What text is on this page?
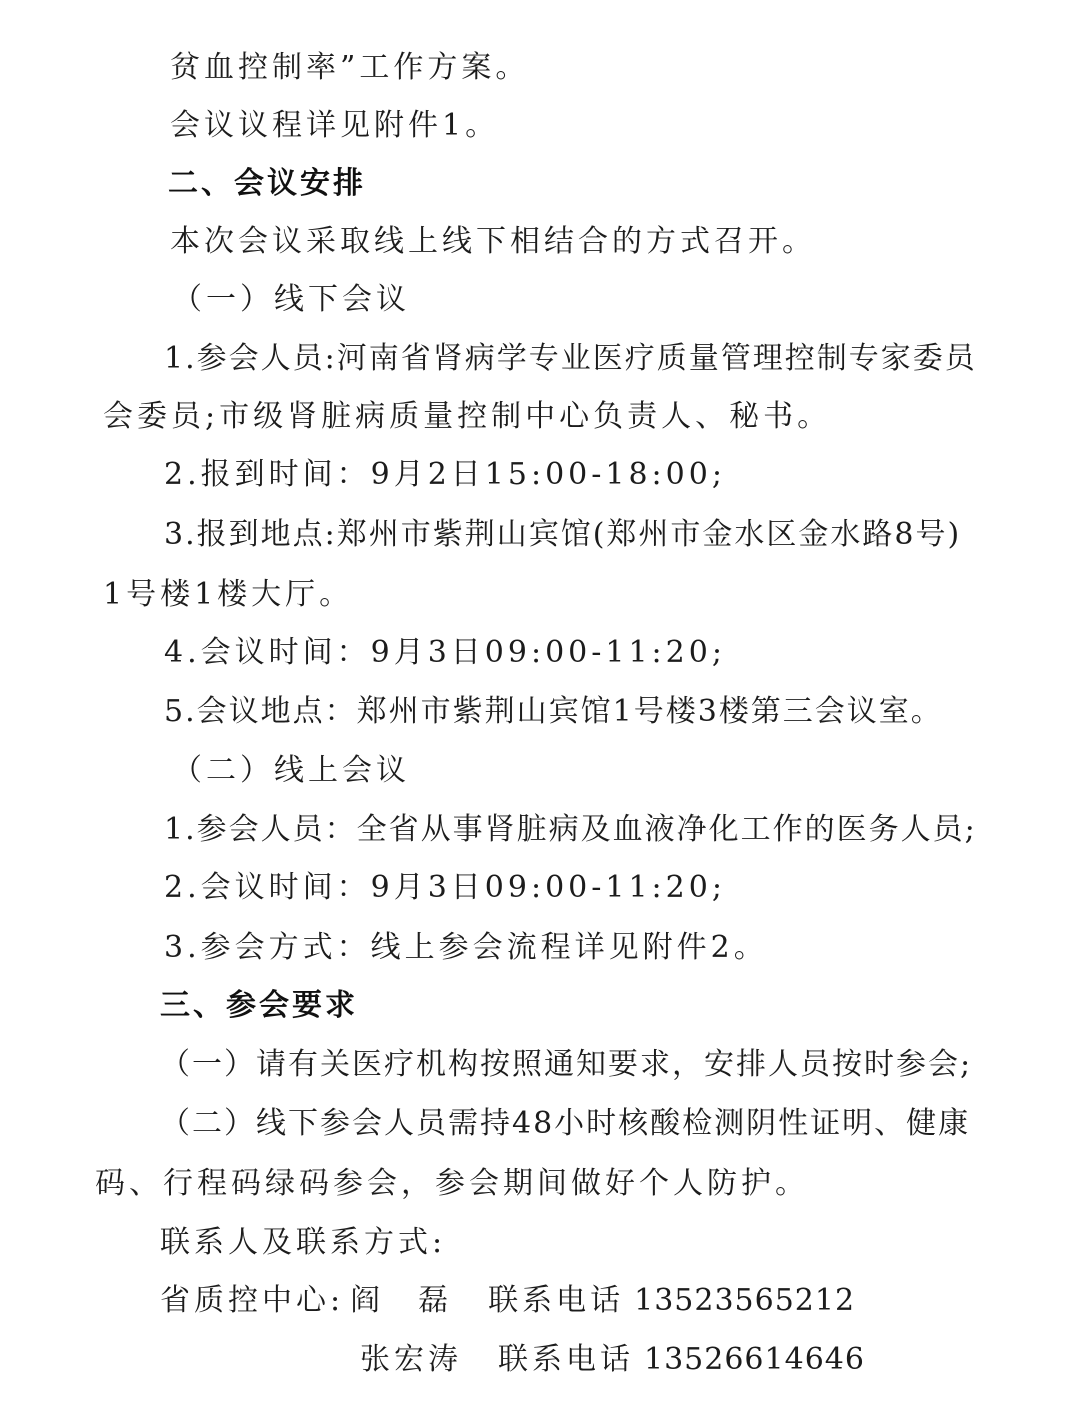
贫血控制率”工作方案。
会议议程详见附件1。
二、会议安排
本次会议采取线上线下相结合的方式召开。
（一）线下会议
1.参会人员:河南省肾病学专业医疗质量管理控制专家委员
会委员;市级肾脏病质量控制中心负责人、秘书。
2.报到时间：9月2日15:00-18:00;
3.报到地点:郑州市紫荆山宾馆(郑州市金水区金水路8号)
1号楼1楼大厅。
4.会议时间：9月3日09:00-11:20;
5.会议地点：郑州市紫荆山宾馆1号楼3楼第三会议室。
（二）线上会议
1.参会人员：全省从事肾脏病及血液净化工作的医务人员;
2.会议时间：9月3日09:00-11:20;
3.参会方式：线上参会流程详见附件2。
三、参会要求
（一）请有关医疗机构按照通知要求，安排人员按时参会;
（二）线下参会人员需持48小时核酸检测阴性证明、健康
码、行程码绿码参会，参会期间做好个人防护。
联系人及联系方式:
省质控中心: 阎　磊 联系电话 13523565212
张宏涛 联系电话 13526614646
